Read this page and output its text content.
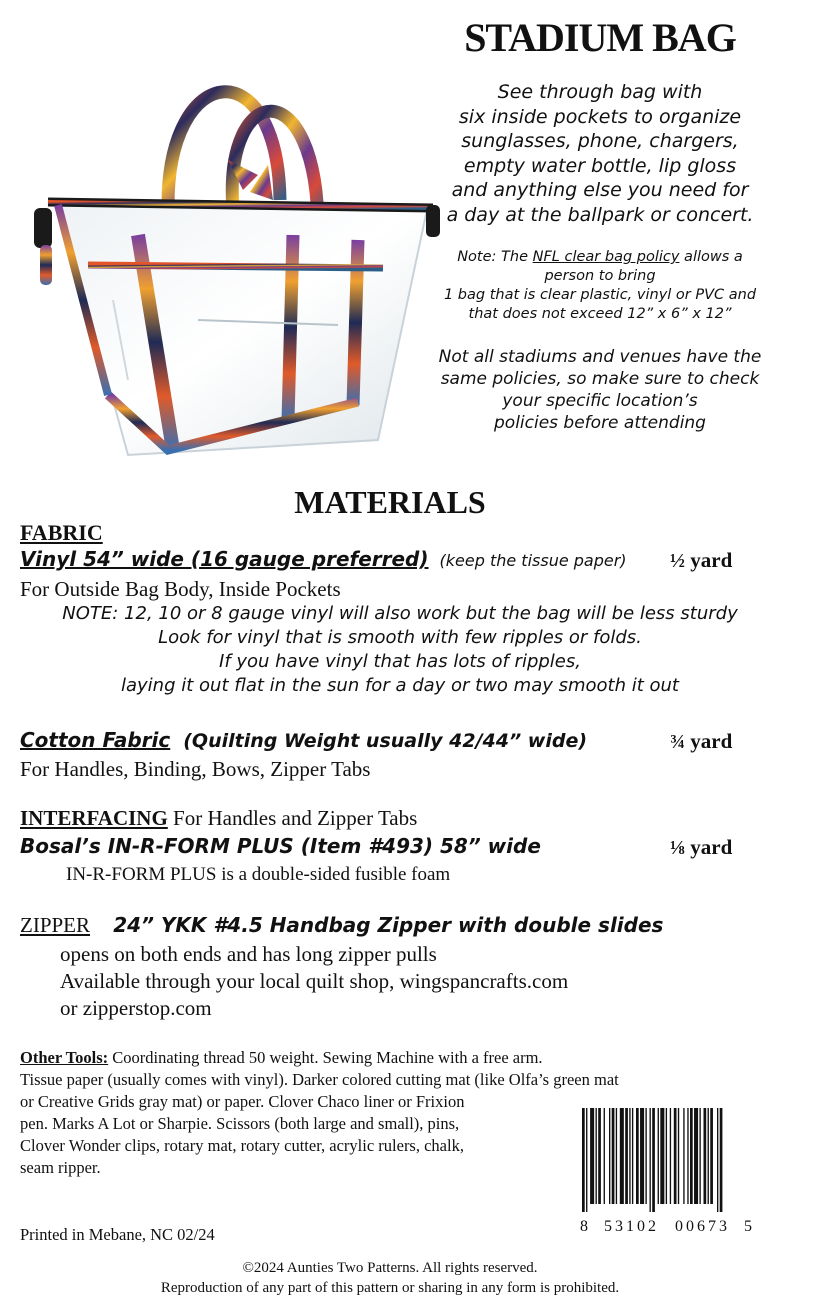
STADIUM BAG
See through bag with
six inside pockets to organize
sunglasses, phone, chargers,
empty water bottle, lip gloss
and anything else you need for
a day at the ballpark or concert.
Note: The NFL clear bag policy allows a
person to bring
1 bag that is clear plastic, vinyl or PVC and
that does not exceed 12” x 6” x 12”
Not all stadiums and venues have the
same policies, so make sure to check
your specific location’s
policies before attending
MATERIALS
FABRIC
Vinyl 54” wide (16 gauge preferred) (keep the tissue paper) ½ yard
For Outside Bag Body, Inside Pockets
NOTE: 12, 10 or 8 gauge vinyl will also work but the bag will be less sturdy
Look for vinyl that is smooth with few ripples or folds.
If you have vinyl that has lots of ripples,
laying it out flat in the sun for a day or two may smooth it out
Cotton Fabric (Quilting Weight usually 42/44” wide)	¾ yard
For Handles, Binding, Bows, Zipper Tabs
INTERFACING For Handles and Zipper Tabs
Bosal’s IN-R-FORM PLUS (Item #493) 58” wide	⅛ yard
IN-R-FORM PLUS is a double-sided fusible foam
ZIPPER 24” YKK #4.5 Handbag Zipper with double slides
opens on both ends and has long zipper pulls
Available through your local quilt shop, wingspancrafts.com
or zipperstop.com
Other Tools: Coordinating thread 50 weight. Sewing Machine with a free arm.
Tissue paper (usually comes with vinyl). Darker colored cutting mat (like Olfa’s green mat
or Creative Grids gray mat) or paper. Clover Chaco liner or Frixion
pen. Marks A Lot or Sharpie. Scissors (both large and small), pins,
Clover Wonder clips, rotary mat, rotary cutter, acrylic rulers, chalk,
seam ripper.
8 53102 00673 5
Printed in Mebane, NC 02/24
©2024 Aunties Two Patterns. All rights reserved.
Reproduction of any part of this pattern or sharing in any form is prohibited.
